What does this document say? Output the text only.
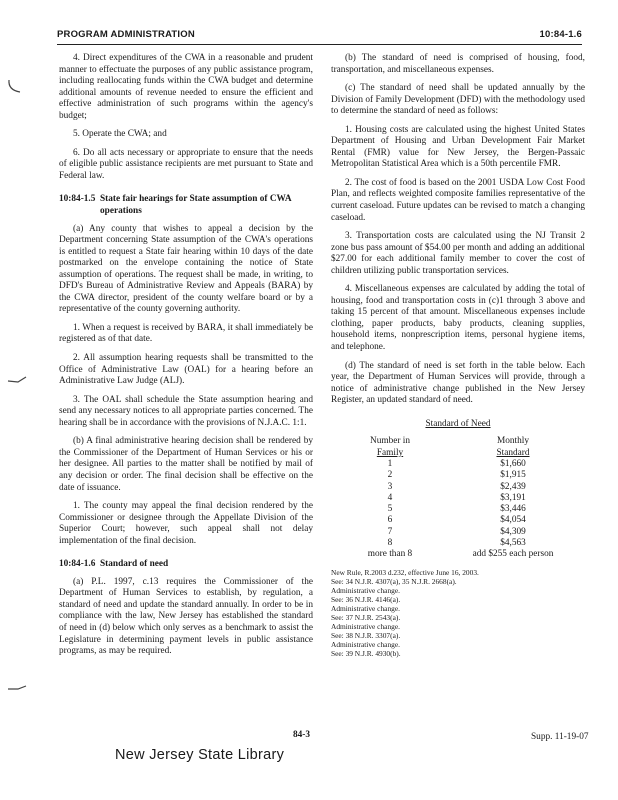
PROGRAM ADMINISTRATION	10:84-1.6

4. Direct expenditures of the CWA in a reasonable and prudent manner to effectuate the purposes of any public assistance program, including reallocating funds within the CWA budget and determine additional amounts of revenue needed to ensure the efficient and effective administration of such programs within the agency's budget;

5. Operate the CWA; and

6. Do all acts necessary or appropriate to ensure that the needs of eligible public assistance recipients are met pursuant to State and Federal law.

10:84-1.5 State fair hearings for State assumption of CWA operations

(a) Any county that wishes to appeal a decision by the Department concerning State assumption of the CWA's operations is entitled to request a State fair hearing within 10 days of the date postmarked on the envelope containing the notice of State assumption of operations. The request shall be made, in writing, to DFD's Bureau of Administrative Review and Appeals (BARA) by the CWA director, president of the county welfare board or by a representative of the county governing authority.

1. When a request is received by BARA, it shall immediately be registered as of that date.

2. All assumption hearing requests shall be transmitted to the Office of Administrative Law (OAL) for a hearing before an Administrative Law Judge (ALJ).

3. The OAL shall schedule the State assumption hearing and send any necessary notices to all appropriate parties concerned. The hearing shall be in accordance with the provisions of N.J.A.C. 1:1.

(b) A final administrative hearing decision shall be rendered by the Commissioner of the Department of Human Services or his or her designee. All parties to the matter shall be notified by mail of any decision or order. The final decision shall be effective on the date of issuance.

1. The county may appeal the final decision rendered by the Commissioner or designee through the Appellate Division of the Superior Court; however, such appeal shall not delay implementation of the final decision.

10:84-1.6 Standard of need

(a) P.L. 1997, c.13 requires the Commissioner of the Department of Human Services to establish, by regulation, a standard of need and update the standard annually. In order to be in compliance with the law, New Jersey has established the standard of need in (d) below which only serves as a benchmark to assist the Legislature in determining payment levels in public assistance programs, as may be required.

(b) The standard of need is comprised of housing, food, transportation, and miscellaneous expenses.

(c) The standard of need shall be updated annually by the Division of Family Development (DFD) with the methodology used to determine the standard of need as follows:

1. Housing costs are calculated using the highest United States Department of Housing and Urban Development Fair Market Rental (FMR) value for New Jersey, the Bergen-Passaic Metropolitan Statistical Area which is a 50th percentile FMR.

2. The cost of food is based on the 2001 USDA Low Cost Food Plan, and reflects weighted composite families representative of the current caseload. Future updates can be revised to match a changing caseload.

3. Transportation costs are calculated using the NJ Transit 2 zone bus pass amount of $54.00 per month and adding an additional $27.00 for each additional family member to cover the cost of children utilizing public transportation services.

4. Miscellaneous expenses are calculated by adding the total of housing, food and transportation costs in (c)1 through 3 above and taking 15 percent of that amount. Miscellaneous expenses include clothing, paper products, baby products, cleaning supplies, household items, nonprescription items, personal hygiene items, and telephone.

(d) The standard of need is set forth in the table below. Each year, the Department of Human Services will provide, through a notice of administrative change published in the New Jersey Register, an updated standard of need.

Standard of Need
Number in	Monthly
Family	Standard
1	$1,660
2	$1,915
3	$2,439
4	$3,191
5	$3,446
6	$4,054
7	$4,309
8	$4,563
more than 8	add $255 each person
New Rule, R.2003 d.232, effective June 16, 2003.
See: 34 N.J.R. 4307(a), 35 N.J.R. 2668(a).
Administrative change.
See: 36 N.J.R. 4146(a).
Administrative change.
See: 37 N.J.R. 2543(a).
Administrative change.
See: 38 N.J.R. 3307(a).
Administrative change.
See: 39 N.J.R. 4930(b).
84-3	Supp. 11-19-07
New Jersey State Library
